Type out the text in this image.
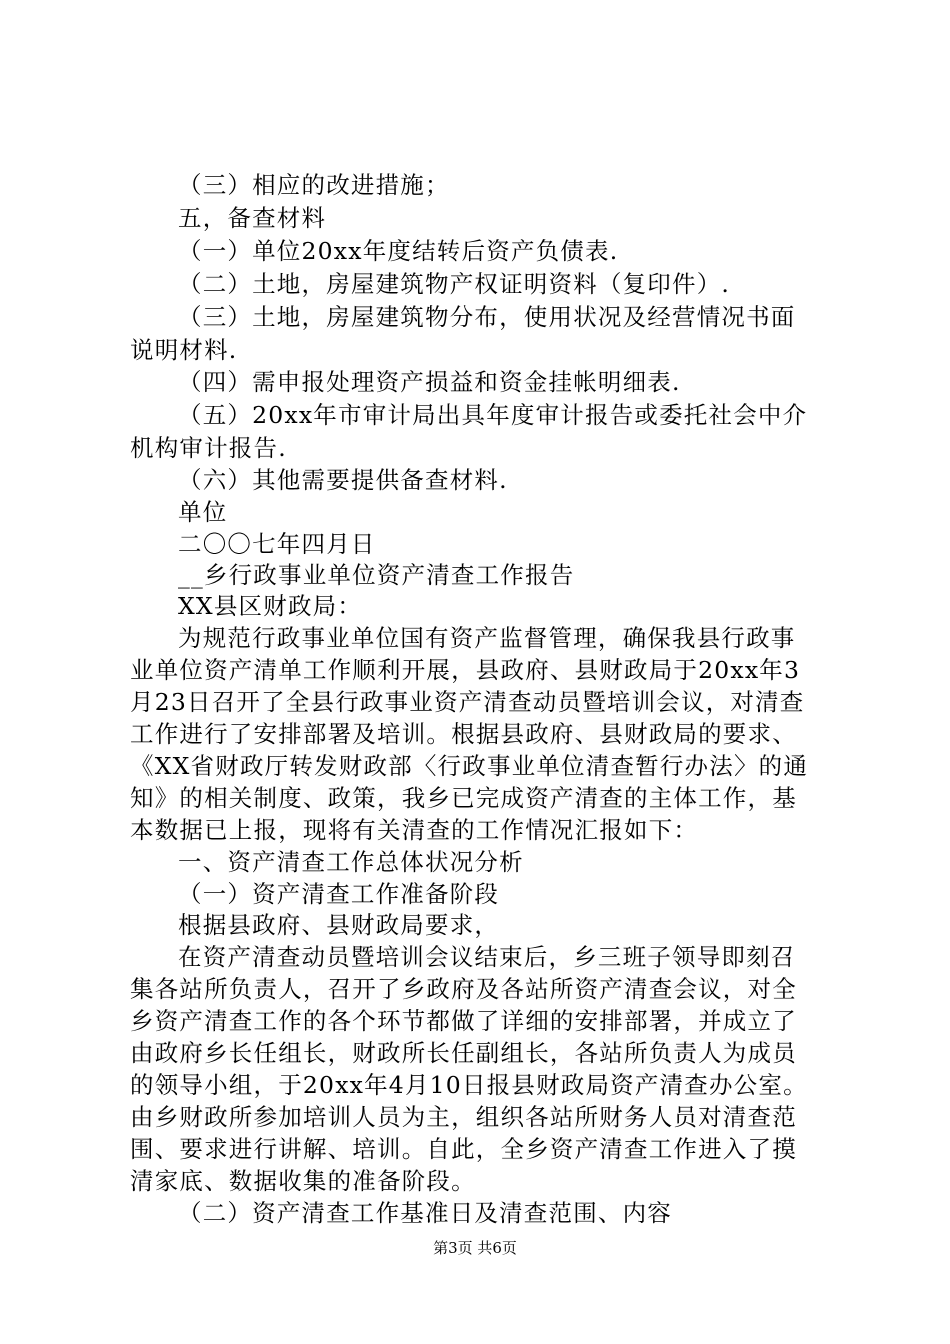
（三）相应的改进措施；
五，备查材料
（一）单位20xx年度结转后资产负债表.
（二）土地，房屋建筑物产权证明资料（复印件）.
（三）土地，房屋建筑物分布，使用状况及经营情况书面
说明材料.
（四）需申报处理资产损益和资金挂帐明细表.
（五）20xx年市审计局出具年度审计报告或委托社会中介
机构审计报告.
（六）其他需要提供备查材料.
单位
二〇〇七年四月日
__乡行政事业单位资产清查工作报告
XX县区财政局：
为规范行政事业单位国有资产监督管理，确保我县行政事
业单位资产清单工作顺利开展，县政府、县财政局于20xx年3
月23日召开了全县行政事业资产清查动员暨培训会议，对清查
工作进行了安排部署及培训。根据县政府、县财政局的要求、
《XX省财政厅转发财政部〈行政事业单位清查暂行办法〉的通
知》的相关制度、政策，我乡已完成资产清查的主体工作，基
本数据已上报，现将有关清查的工作情况汇报如下：
一、资产清查工作总体状况分析
（一）资产清查工作准备阶段
根据县政府、县财政局要求，
在资产清查动员暨培训会议结束后，乡三班子领导即刻召
集各站所负责人，召开了乡政府及各站所资产清查会议，对全
乡资产清查工作的各个环节都做了详细的安排部署，并成立了
由政府乡长任组长，财政所长任副组长，各站所负责人为成员
的领导小组，于20xx年4月10日报县财政局资产清查办公室。
由乡财政所参加培训人员为主，组织各站所财务人员对清查范
围、要求进行讲解、培训。自此，全乡资产清查工作进入了摸
清家底、数据收集的准备阶段。
（二）资产清查工作基准日及清查范围、内容
第3页 共6页
